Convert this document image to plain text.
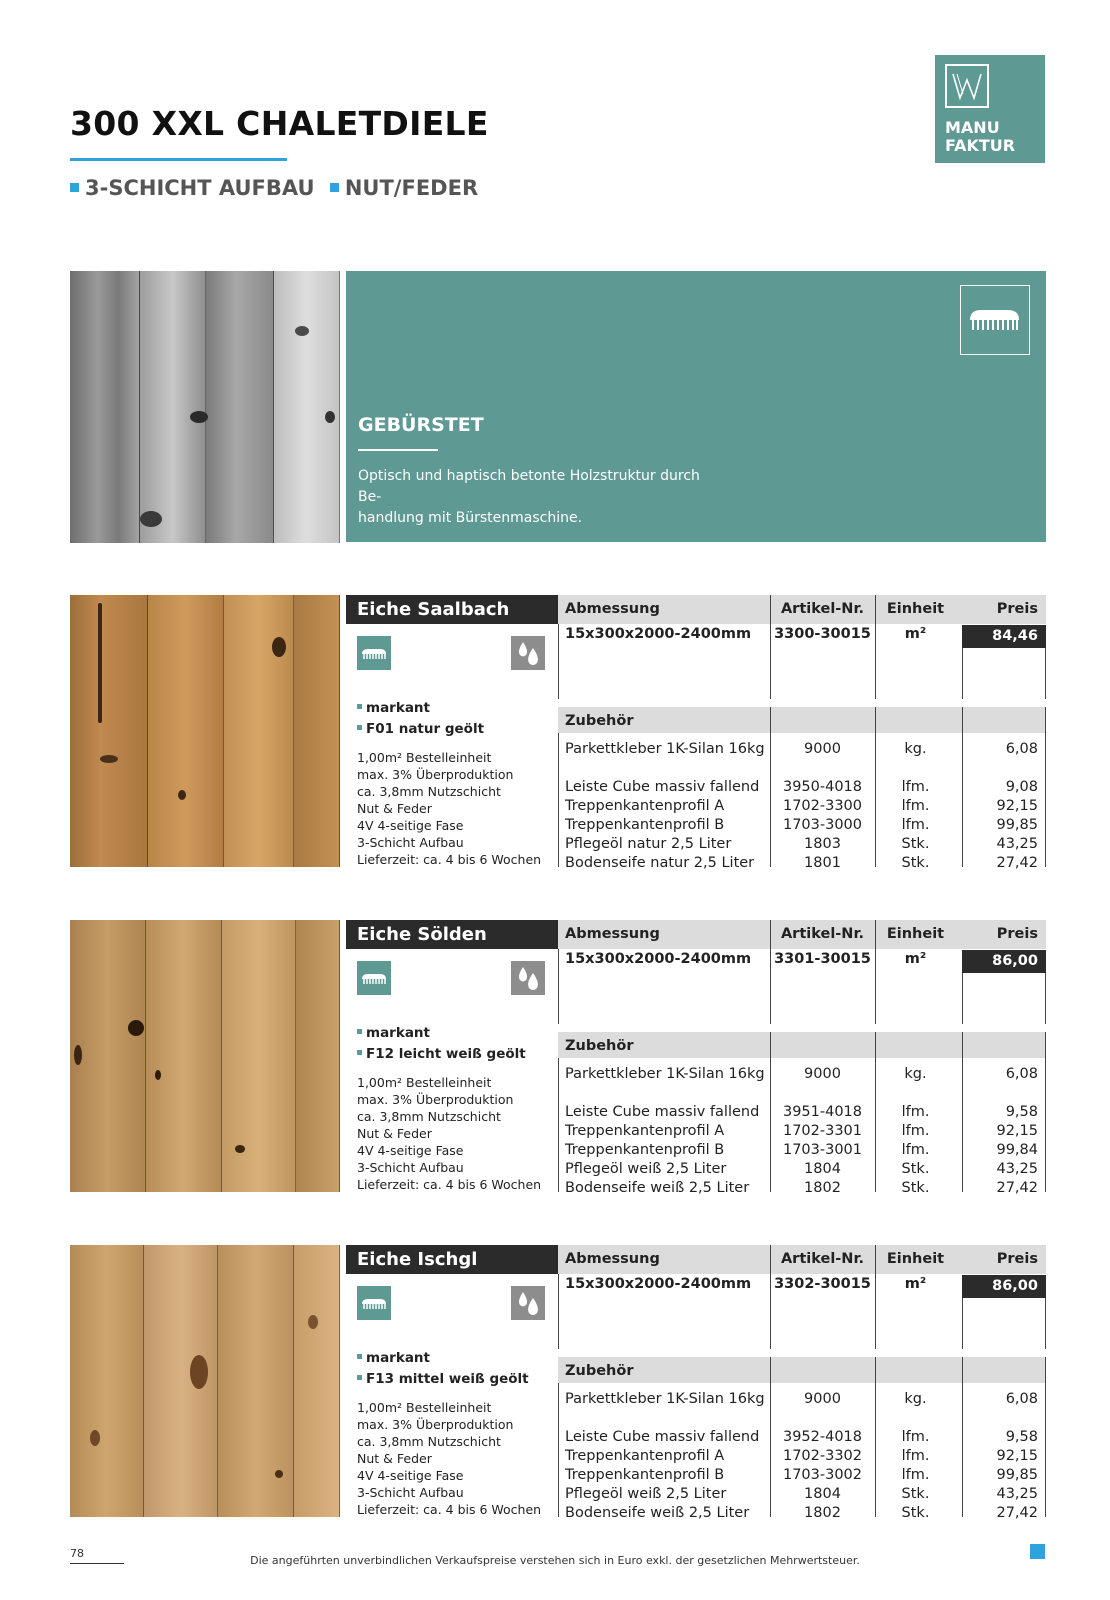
300 XXL CHALETDIELE
3-SCHICHT AUFBAU NUT/FEDER
MANU
FAKTUR
GEBÜRSTET
Optisch und haptisch betonte Holzstruktur durch Be-
handlung mit Bürstenmaschine.
Eiche Saalbach
markant
F01 natur geölt
1,00m² Bestelleinheit
max. 3% Überproduktion
ca. 3,8mm Nutzschicht
Nut & Feder
4V 4-seitige Fase
3-Schicht Aufbau
Lieferzeit: ca. 4 bis 6 Wochen
Abmessung	Artikel-Nr.	Einheit	Preis
15x300x2000-2400mm 3300-30015	m²	84,46
Zubehör
Parkettkleber 1K-Silan 16kg	9000	kg.	6,08
Leiste Cube massiv fallend	3950-4018	lfm.	9,08
Treppenkantenprofil A	1702-3300	lfm.	92,15
Treppenkantenprofil B	1703-3000	lfm.	99,85
Pflegeöl natur 2,5 Liter	1803	Stk.	43,25
Bodenseife natur 2,5 Liter	1801	Stk.	27,42
Eiche Sölden
markant
F12 leicht weiß geölt
1,00m² Bestelleinheit
max. 3% Überproduktion
ca. 3,8mm Nutzschicht
Nut & Feder
4V 4-seitige Fase
3-Schicht Aufbau
Lieferzeit: ca. 4 bis 6 Wochen
Abmessung	Artikel-Nr.	Einheit	Preis
15x300x2000-2400mm 3301-30015	m²	86,00
Zubehör
Parkettkleber 1K-Silan 16kg	9000	kg.	6,08
Leiste Cube massiv fallend	3951-4018	lfm.	9,58
Treppenkantenprofil A	1702-3301	lfm.	92,15
Treppenkantenprofil B	1703-3001	lfm.	99,84
Pflegeöl weiß 2,5 Liter	1804	Stk.	43,25
Bodenseife weiß 2,5 Liter	1802	Stk.	27,42
Eiche Ischgl
markant
F13 mittel weiß geölt
1,00m² Bestelleinheit
max. 3% Überproduktion
ca. 3,8mm Nutzschicht
Nut & Feder
4V 4-seitige Fase
3-Schicht Aufbau
Lieferzeit: ca. 4 bis 6 Wochen
Abmessung	Artikel-Nr.	Einheit	Preis
15x300x2000-2400mm 3302-30015	m²	86,00
Zubehör
Parkettkleber 1K-Silan 16kg	9000	kg.	6,08
Leiste Cube massiv fallend	3952-4018	lfm.	9,58
Treppenkantenprofil A	1702-3302	lfm.	92,15
Treppenkantenprofil B	1703-3002	lfm.	99,85
Pflegeöl weiß 2,5 Liter	1804	Stk.	43,25
Bodenseife weiß 2,5 Liter	1802	Stk.	27,42
78
Die angeführten unverbindlichen Verkaufspreise verstehen sich in Euro exkl. der gesetzlichen Mehrwertsteuer.
